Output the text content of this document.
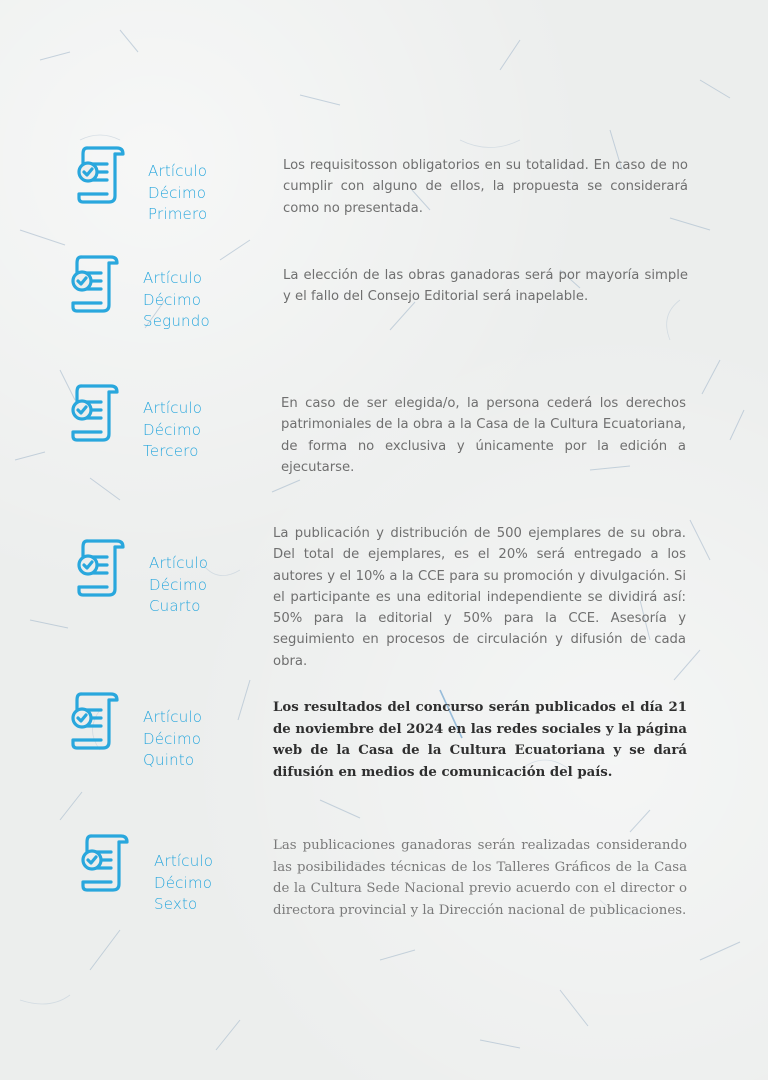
Artículo
Décimo
Primero
Los requisitosson obligatorios en su totalidad. En caso de no cumplir con alguno de ellos, la propuesta se considerará como no presentada.
Artículo
Décimo
Segundo
La elección de las obras ganadoras será por mayoría simple y el fallo del Consejo Editorial será inapelable.
Artículo
Décimo
Tercero
En caso de ser elegida/o, la persona cederá los derechos patrimoniales de la obra a la Casa de la Cultura Ecuatoriana, de forma no exclusiva y únicamente por la edición a ejecutarse.
Artículo
Décimo
Cuarto
La publicación y distribución de 500 ejemplares de su obra. Del total de ejemplares, es el 20% será entregado a los autores y el 10% a la CCE para su promoción y divulgación. Si el participante es una editorial independiente se dividirá así: 50% para la editorial y 50% para la CCE. Asesoría y seguimiento en procesos de circulación y difusión de cada obra.
Artículo
Décimo
Quinto
Los resultados del concurso serán publicados el día 21 de noviembre del 2024 en las redes sociales y la página web de la Casa de la Cultura Ecuatoriana y se dará difusión en medios de comunicación del país.
Artículo
Décimo
Sexto
Las publicaciones ganadoras serán realizadas considerando las posibilidades técnicas de los Talleres Gráficos de la Casa de la Cultura Sede Nacional previo acuerdo con el director o directora provincial y la Dirección nacional de publicaciones.
